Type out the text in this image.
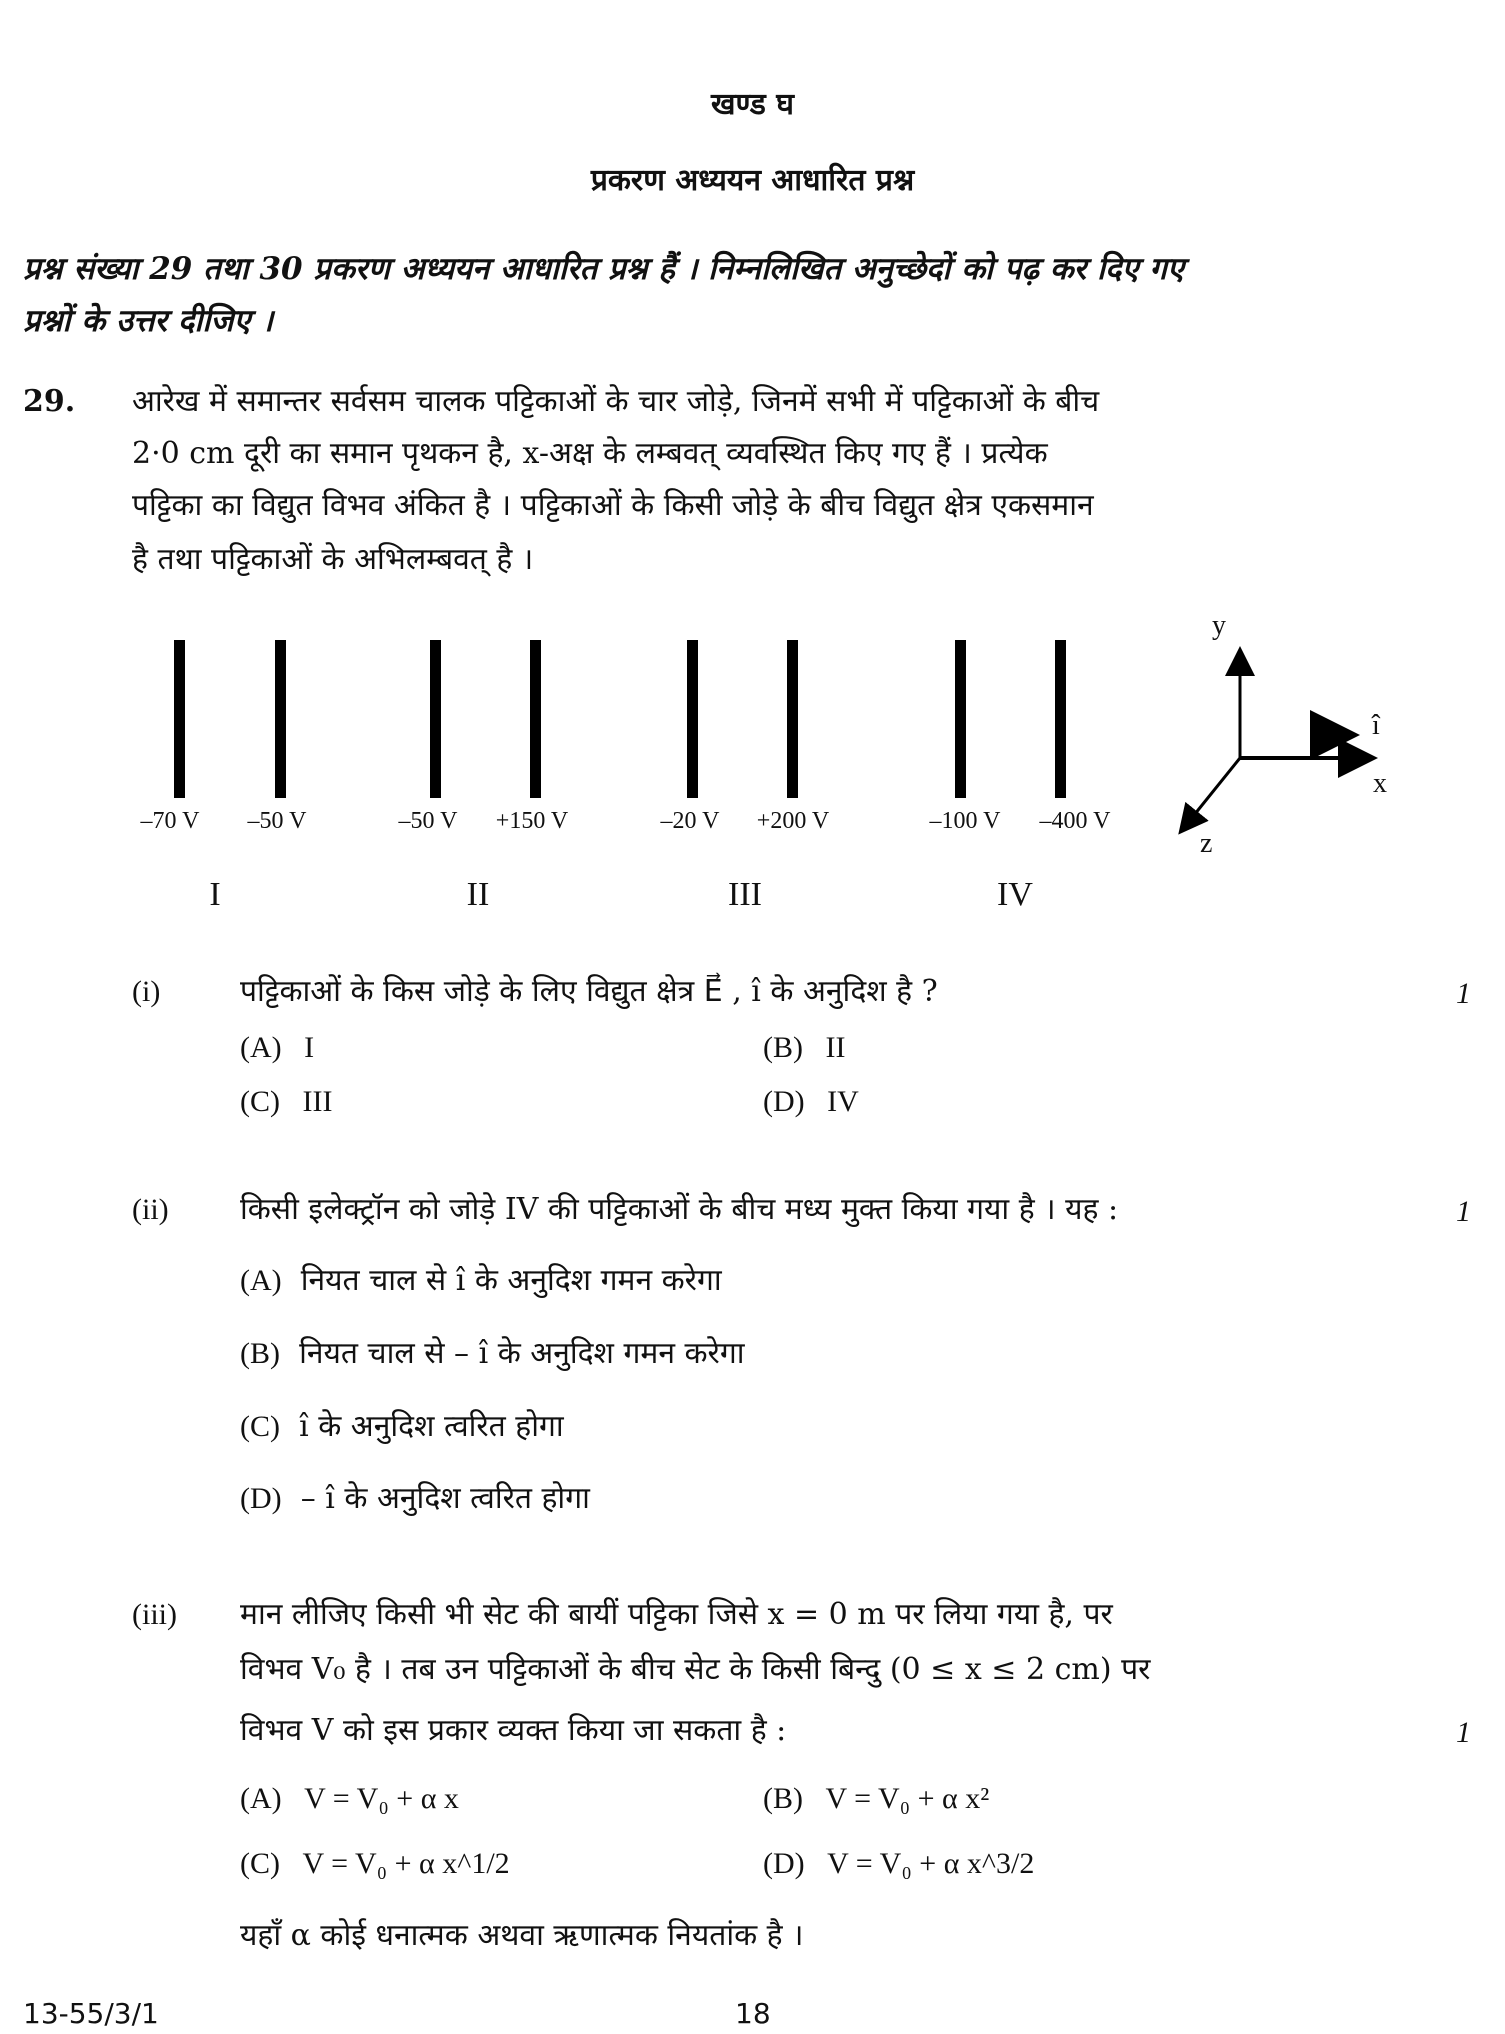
खण्ड घ
प्रकरण अध्ययन आधारित प्रश्न
प्रश्न संख्या 29 तथा 30 प्रकरण अध्ययन आधारित प्रश्न हैं । निम्नलिखित अनुच्छेदों को पढ़ कर दिए गए
प्रश्नों के उत्तर दीजिए ।
29. आरेख में समान्तर सर्वसम चालक पट्टिकाओं के चार जोड़े, जिनमें सभी में पट्टिकाओं के बीच
2·0 cm दूरी का समान पृथकन है, x-अक्ष के लम्बवत् व्यवस्थित किए गए हैं । प्रत्येक
पट्टिका का विद्युत विभव अंकित है । पट्टिकाओं के किसी जोड़े के बीच विद्युत क्षेत्र एकसमान
है तथा पट्टिकाओं के अभिलम्बवत् है ।
–70 V –50 V	–50 V +150 V	–20 V +200 V	–100 V –400 V
I	II	III	IV
y
x
z
î
(i)	पट्टिकाओं के किस जोड़े के लिए विद्युत क्षेत्र E⃗ , î के अनुदिश है ?	1
(A) I	(B) II
(C) III	(D) IV
(ii) किसी इलेक्ट्रॉन को जोड़े IV की पट्टिकाओं के बीच मध्य मुक्त किया गया है । यह :	1
(A) नियत चाल से î के अनुदिश गमन करेगा
(B) नियत चाल से – î के अनुदिश गमन करेगा
(C) î के अनुदिश त्वरित होगा
(D) – î के अनुदिश त्वरित होगा
(iii) मान लीजिए किसी भी सेट की बायीं पट्टिका जिसे x = 0 m पर लिया गया है, पर
विभव V₀ है । तब उन पट्टिकाओं के बीच सेट के किसी बिन्दु (0 ≤ x ≤ 2 cm) पर
विभव V को इस प्रकार व्यक्त किया जा सकता है :	1
(A) V = V₀ + α x	(B) V = V₀ + α x²
(C) V = V₀ + α x^1/2	(D) V = V₀ + α x^3/2
यहाँ α कोई धनात्मक अथवा ऋणात्मक नियतांक है ।
13-55/3/1	18
